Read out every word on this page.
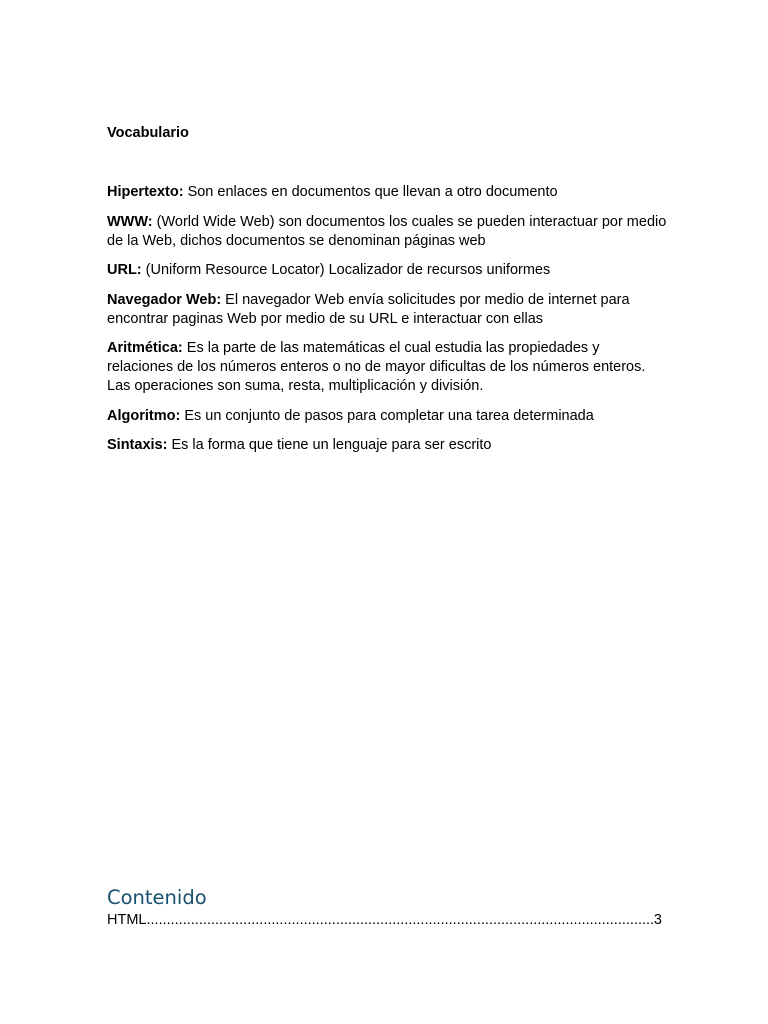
Vocabulario

Hipertexto: Son enlaces en documentos que llevan a otro documento

WWW: (World Wide Web) son documentos los cuales se pueden interactuar por medio de la Web, dichos documentos se denominan páginas web

URL: (Uniform Resource Locator) Localizador de recursos uniformes

Navegador Web: El navegador Web envía solicitudes por medio de internet para encontrar paginas Web por medio de su URL e interactuar con ellas

Aritmética: Es la parte de las matemáticas el cual estudia las propiedades y relaciones de los números enteros o no de mayor dificultas de los números enteros. Las operaciones son suma, resta, multiplicación y división.

Algoritmo: Es un conjunto de pasos para completar una tarea determinada

Sintaxis: Es la forma que tiene un lenguaje para ser escrito

Contenido
HTML
.....	3
